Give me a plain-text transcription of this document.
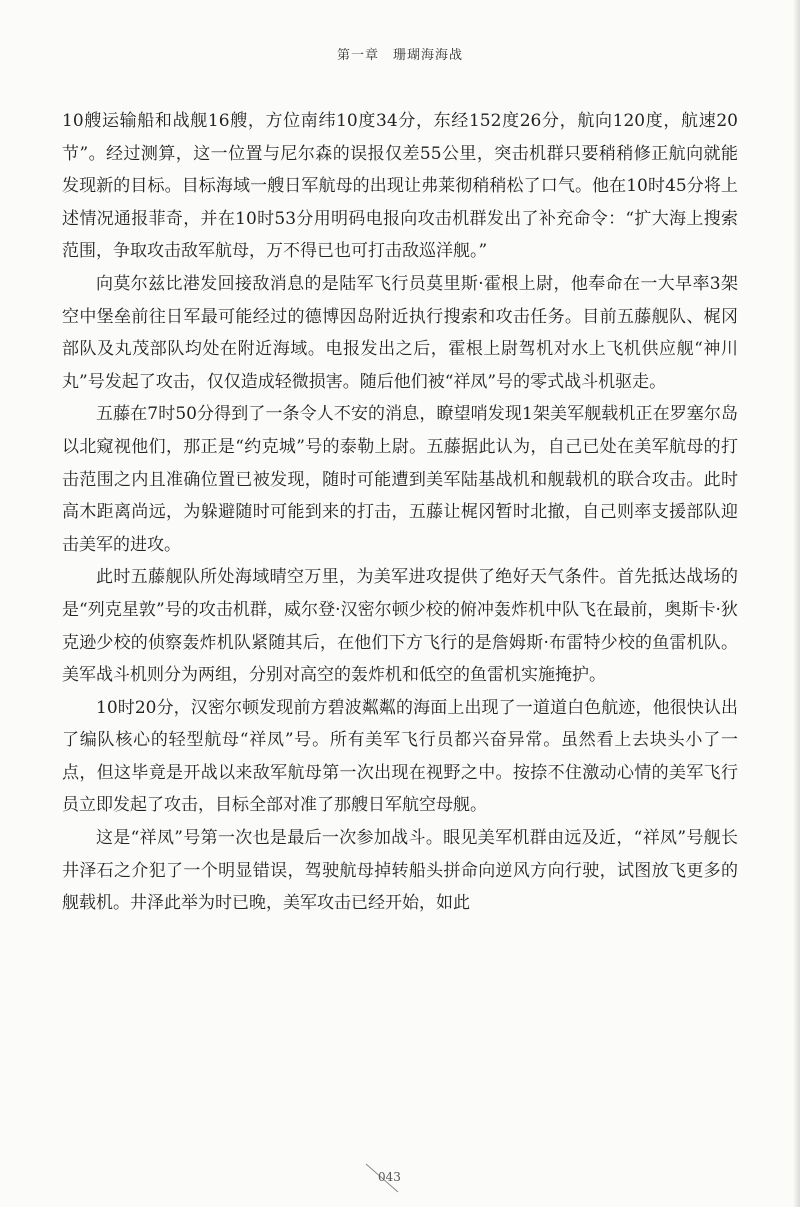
第一章 珊瑚海海战

10艘运输船和战舰16艘，方位南纬10度34分，东经152度26分，航向120度，航速20节”。经过测算，这一位置与尼尔森的误报仅差55公里，突击机群只要稍稍修正航向就能发现新的目标。目标海域一艘日军航母的出现让弗莱彻稍稍松了口气。他在10时45分将上述情况通报菲奇，并在10时53分用明码电报向攻击机群发出了补充命令：“扩大海上搜索范围，争取攻击敌军航母，万不得已也可打击敌巡洋舰。”

向莫尔兹比港发回接敌消息的是陆军飞行员莫里斯·霍根上尉，他奉命在一大早率3架空中堡垒前往日军最可能经过的德博因岛附近执行搜索和攻击任务。目前五藤舰队、梶冈部队及丸茂部队均处在附近海域。电报发出之后，霍根上尉驾机对水上飞机供应舰“神川丸”号发起了攻击，仅仅造成轻微损害。随后他们被“祥凤”号的零式战斗机驱走。

五藤在7时50分得到了一条令人不安的消息，瞭望哨发现1架美军舰载机正在罗塞尔岛以北窥视他们，那正是“约克城”号的泰勒上尉。五藤据此认为，自己已处在美军航母的打击范围之内且准确位置已被发现，随时可能遭到美军陆基战机和舰载机的联合攻击。此时高木距离尚远，为躲避随时可能到来的打击，五藤让梶冈暂时北撤，自己则率支援部队迎击美军的进攻。

此时五藤舰队所处海域晴空万里，为美军进攻提供了绝好天气条件。首先抵达战场的是“列克星敦”号的攻击机群，威尔登·汉密尔顿少校的俯冲轰炸机中队飞在最前，奥斯卡·狄克逊少校的侦察轰炸机队紧随其后，在他们下方飞行的是詹姆斯·布雷特少校的鱼雷机队。美军战斗机则分为两组，分别对高空的轰炸机和低空的鱼雷机实施掩护。

10时20分，汉密尔顿发现前方碧波粼粼的海面上出现了一道道白色航迹，他很快认出了编队核心的轻型航母“祥凤”号。所有美军飞行员都兴奋异常。虽然看上去块头小了一点，但这毕竟是开战以来敌军航母第一次出现在视野之中。按捺不住激动心情的美军飞行员立即发起了攻击，目标全部对准了那艘日军航空母舰。

这是“祥凤”号第一次也是最后一次参加战斗。眼见美军机群由远及近，“祥凤”号舰长井泽石之介犯了一个明显错误，驾驶航母掉转船头拼命向逆风方向行驶，试图放飞更多的舰载机。井泽此举为时已晚，美军攻击已经开始，如此

043
